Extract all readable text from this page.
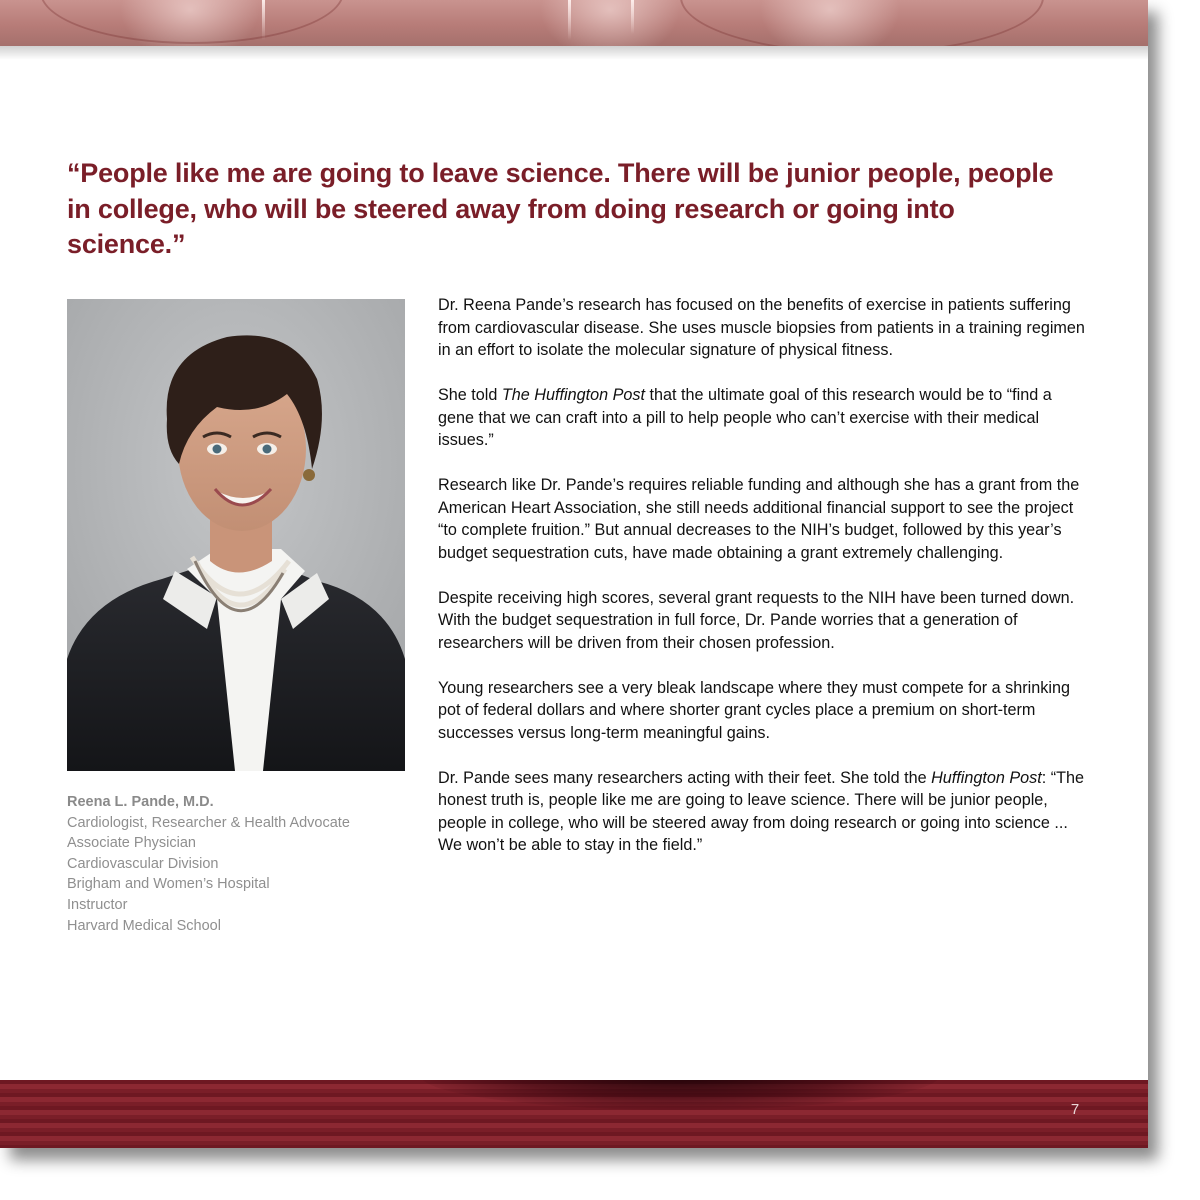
“People like me are going to leave science. There will be junior people, people in college, who will be steered away from doing research or going into science.”
Reena L. Pande, M.D.
Cardiologist, Researcher & Health Advocate
Associate Physician
Cardiovascular Division
Brigham and Women’s Hospital
Instructor
Harvard Medical School

Dr. Reena Pande’s research has focused on the benefits of exercise in patients suffering from cardiovascular disease. She uses muscle biopsies from patients in a training regimen in an effort to isolate the molecular signature of physical fitness.

She told The Huffington Post that the ultimate goal of this research would be to “find a gene that we can craft into a pill to help people who can’t exercise with their medical issues.”

Research like Dr. Pande’s requires reliable funding and although she has a grant from the American Heart Association, she still needs additional financial support to see the project “to complete fruition.” But annual decreases to the NIH’s budget, followed by this year’s budget sequestration cuts, have made obtaining a grant extremely challenging.

Despite receiving high scores, several grant requests to the NIH have been turned down. With the budget sequestration in full force, Dr. Pande worries that a generation of researchers will be driven from their chosen profession.

Young researchers see a very bleak landscape where they must compete for a shrinking pot of federal dollars and where shorter grant cycles place a premium on short-term successes versus long-term meaningful gains.

Dr. Pande sees many researchers acting with their feet. She told the Huffington Post: “The honest truth is, people like me are going to leave science. There will be junior people, people in college, who will be steered away from doing research or going into science ... We won’t be able to stay in the field.”

7
